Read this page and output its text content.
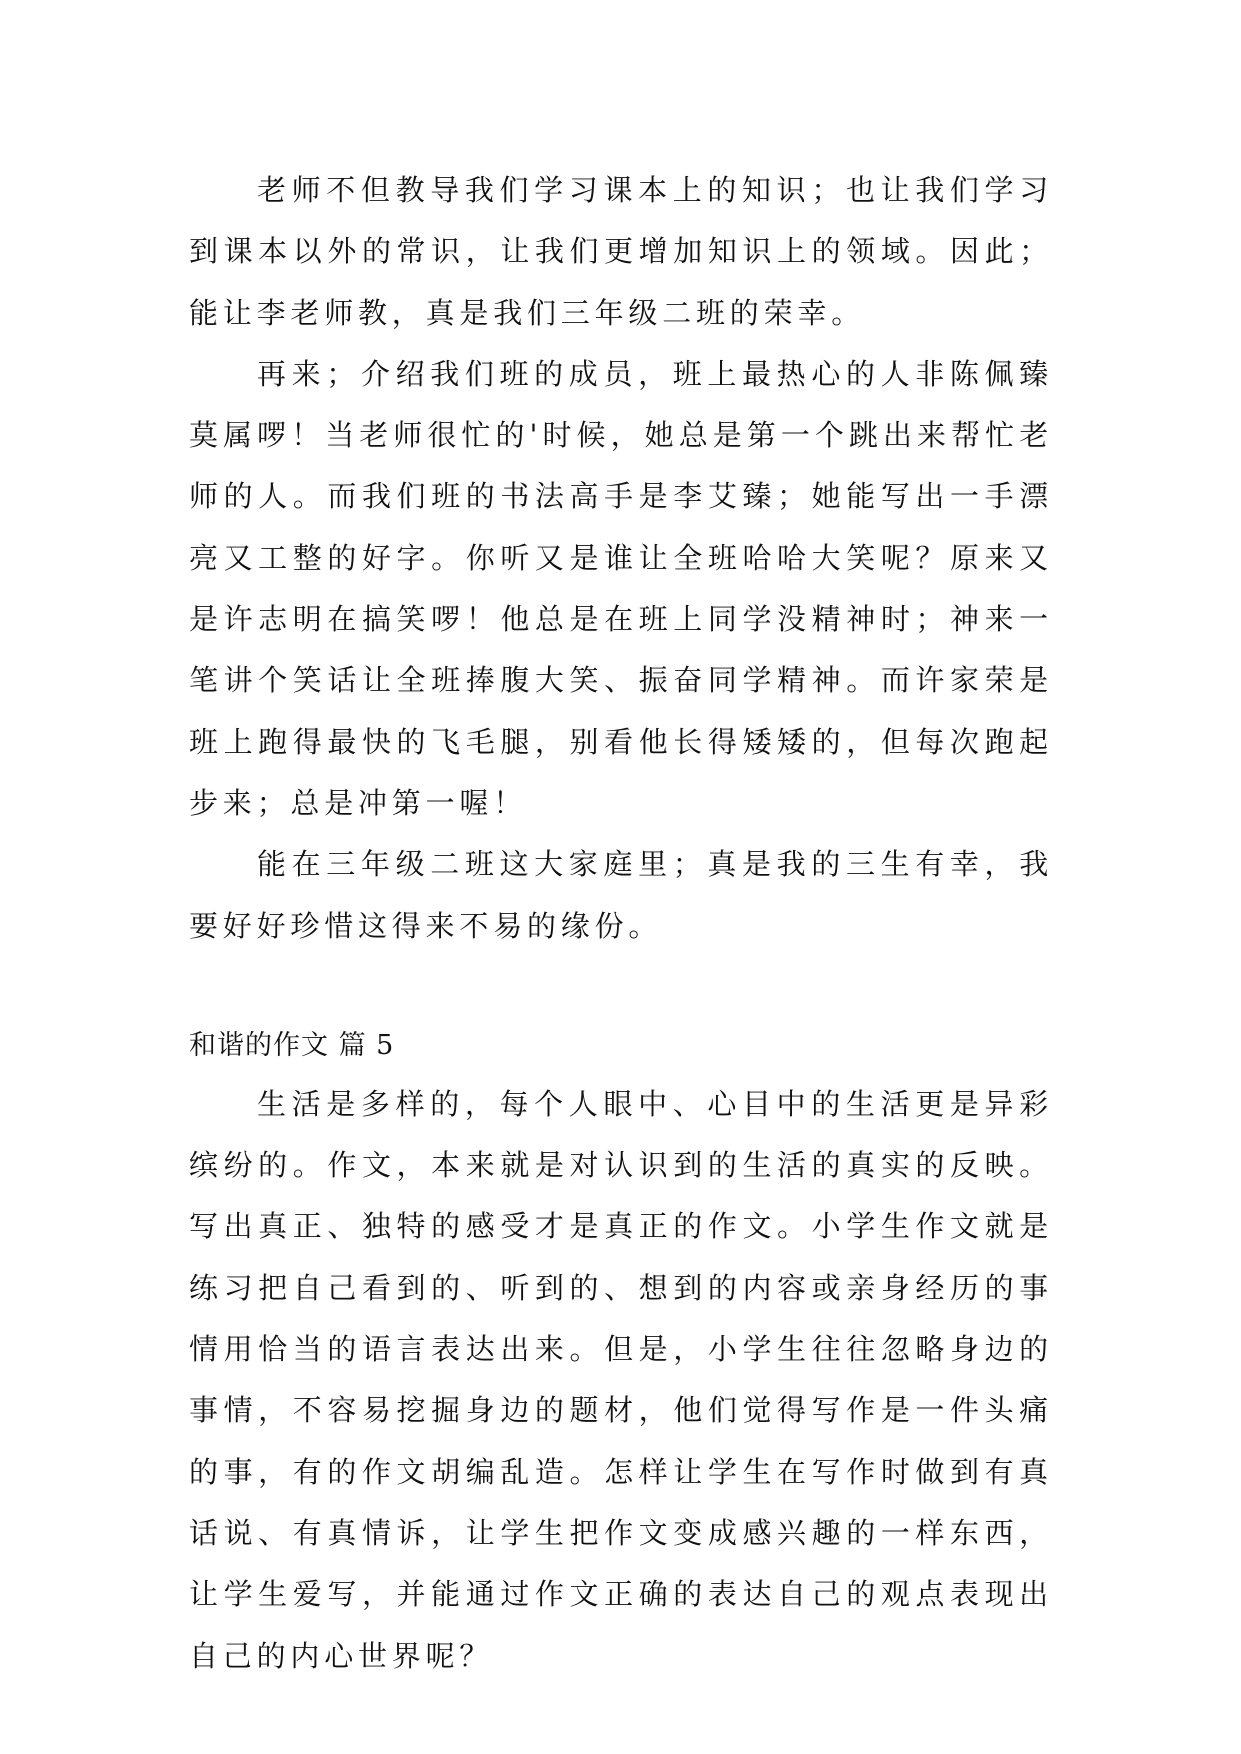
老师不但教导我们学习课本上的知识；也让我们学习到课本以外的常识，让我们更增加知识上的领域。因此；能让李老师教，真是我们三年级二班的荣幸。

再来；介绍我们班的成员，班上最热心的人非陈佩臻莫属啰！当老师很忙的'时候，她总是第一个跳出来帮忙老师的人。而我们班的书法高手是李艾臻；她能写出一手漂亮又工整的好字。你听又是谁让全班哈哈大笑呢？原来又是许志明在搞笑啰！他总是在班上同学没精神时；神来一笔讲个笑话让全班捧腹大笑、振奋同学精神。而许家荣是班上跑得最快的飞毛腿，别看他长得矮矮的，但每次跑起步来；总是冲第一喔！

能在三年级二班这大家庭里；真是我的三生有幸，我要好好珍惜这得来不易的缘份。

和谐的作文 篇 5

生活是多样的，每个人眼中、心目中的生活更是异彩缤纷的。作文，本来就是对认识到的生活的真实的反映。写出真正、独特的感受才是真正的作文。小学生作文就是练习把自己看到的、听到的、想到的内容或亲身经历的事情用恰当的语言表达出来。但是，小学生往往忽略身边的事情，不容易挖掘身边的题材，他们觉得写作是一件头痛的事，有的作文胡编乱造。怎样让学生在写作时做到有真话说、有真情诉，让学生把作文变成感兴趣的一样东西，让学生爱写，并能通过作文正确的表达自己的观点表现出自己的内心世界呢？
